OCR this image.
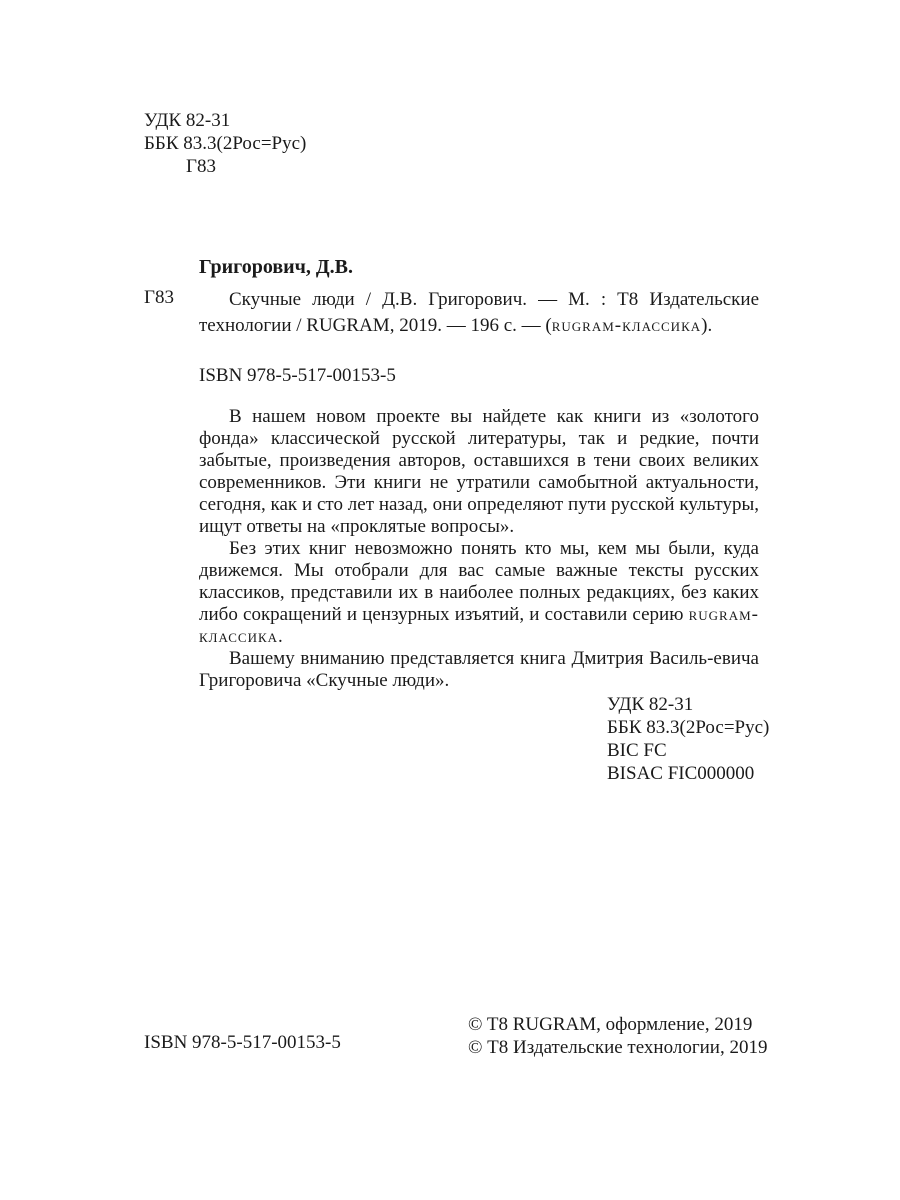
УДК 82-31
ББК 83.3(2Рос=Рус)
Г83
Григорович, Д.В.
Г83	Скучные люди / Д.В. Григорович. — М. : Т8 Издательские технологии / RUGRAM, 2019. — 196 с. — (rugram-классика).
ISBN 978-5-517-00153-5

В нашем новом проекте вы найдете как книги из «золотого фонда» классической русской литературы, так и редкие, почти забытые, произведения авторов, оставшихся в тени своих великих современников. Эти книги не утратили самобытной актуальности, сегодня, как и сто лет назад, они определяют пути русской культуры, ищут ответы на «проклятые вопросы».

Без этих книг невозможно понять кто мы, кем мы были, куда движемся. Мы отобрали для вас самые важные тексты русских классиков, представили их в наиболее полных редакциях, без каких либо сокращений и цензурных изъятий, и составили серию rugram-классика.

Вашему вниманию представляется книга Дмитрия Василь-евича Григоровича «Скучные люди».

УДК 82-31
ББК 83.3(2Рос=Рус)
BIC FC
BISAC FIC000000
ISBN 978-5-517-00153-5
© T8 RUGRAM, оформление, 2019
© Т8 Издательские технологии, 2019
